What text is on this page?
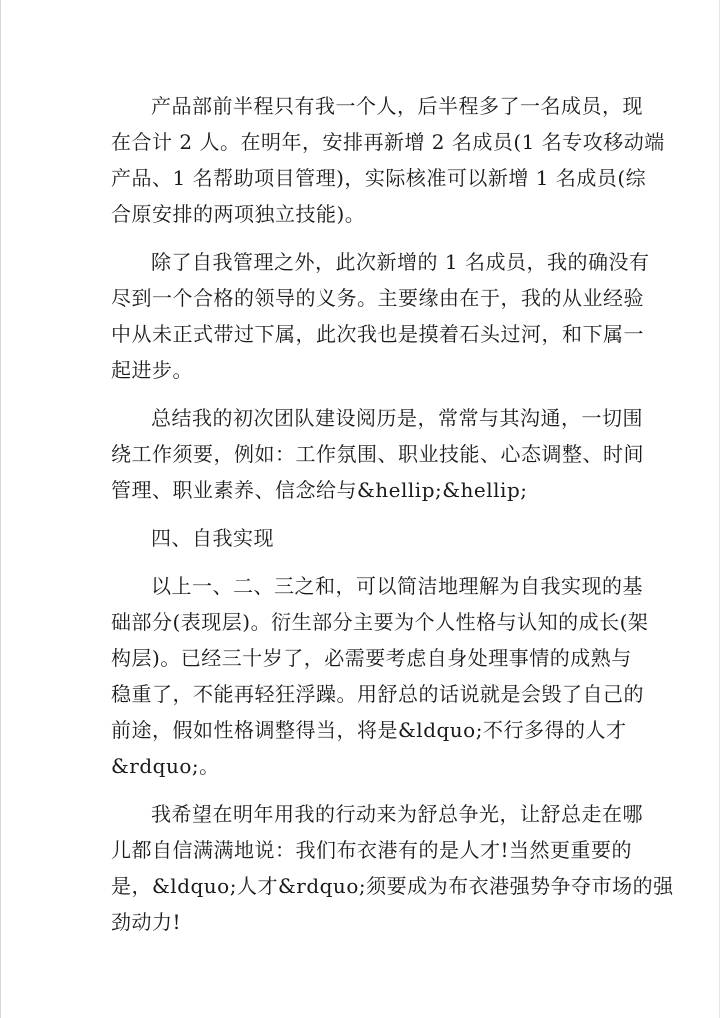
产品部前半程只有我一个人，后半程多了一名成员，现
在合计 2 人。在明年，安排再新增 2 名成员(1 名专攻移动端
产品、1 名帮助项目管理)，实际核准可以新增 1 名成员(综
合原安排的两项独立技能)。
除了自我管理之外，此次新增的 1 名成员，我的确没有
尽到一个合格的领导的义务。主要缘由在于，我的从业经验
中从未正式带过下属，此次我也是摸着石头过河，和下属一
起进步。
总结我的初次团队建设阅历是，常常与其沟通，一切围
绕工作须要，例如：工作氛围、职业技能、心态调整、时间
管理、职业素养、信念给与&hellip;&hellip;
四、自我实现
以上一、二、三之和，可以简洁地理解为自我实现的基
础部分(表现层)。衍生部分主要为个人性格与认知的成长(架
构层)。已经三十岁了，必需要考虑自身处理事情的成熟与
稳重了，不能再轻狂浮躁。用舒总的话说就是会毁了自己的
前途，假如性格调整得当，将是&ldquo;不行多得的人才
&rdquo;。
我希望在明年用我的行动来为舒总争光，让舒总走在哪
儿都自信满满地说：我们布衣港有的是人才!当然更重要的
是，&ldquo;人才&rdquo;须要成为布衣港强势争夺市场的强
劲动力!
